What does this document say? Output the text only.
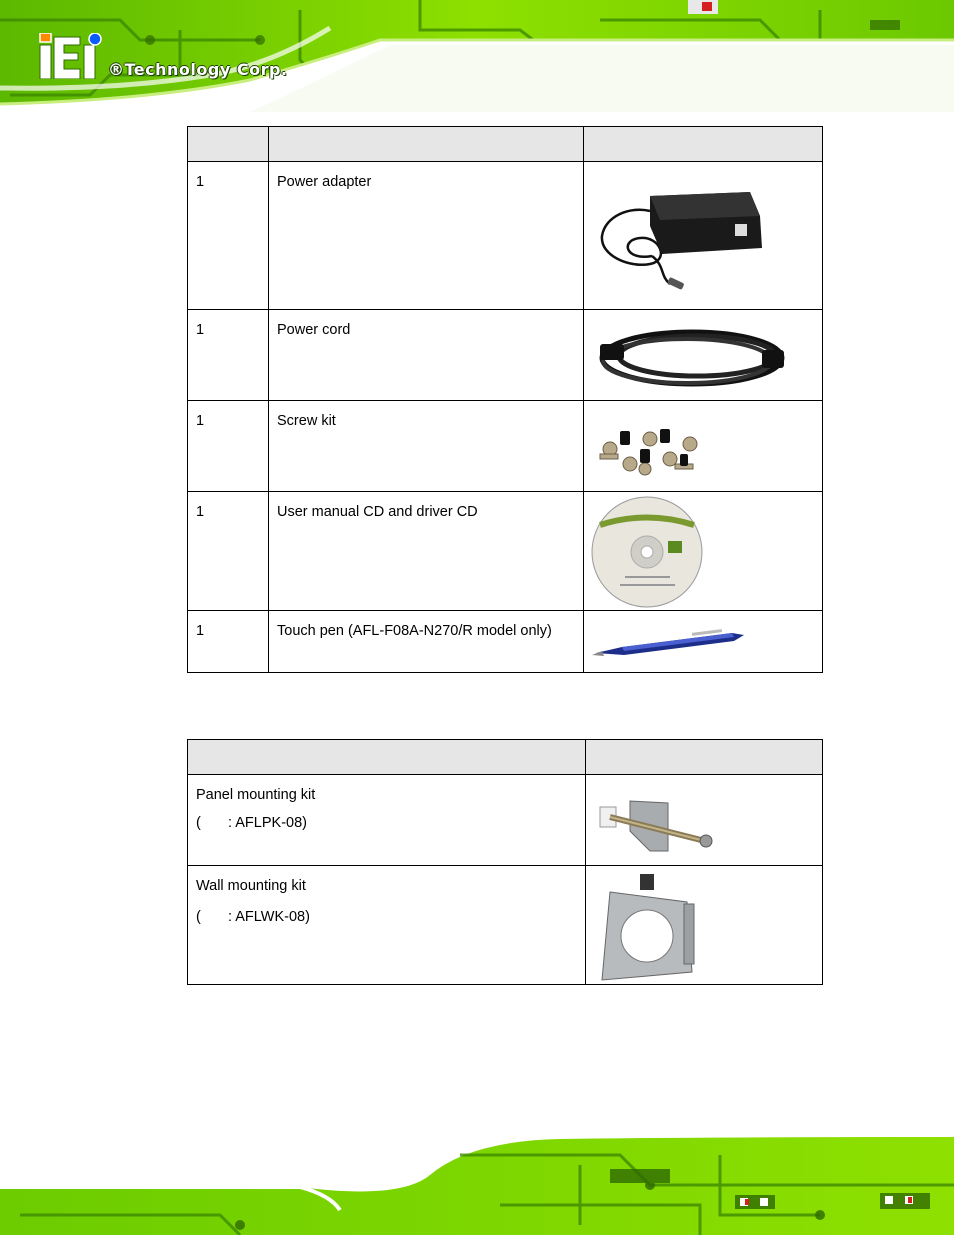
®Technology Corp.

1	Power adapter

1	Power cord

1	Screw kit

1	User manual CD and driver CD

1	Touch pen (AFL-F08A-N270/R model only)

Panel mounting kit
( : AFLPK-08)

Wall mounting kit
( : AFLWK-08)
